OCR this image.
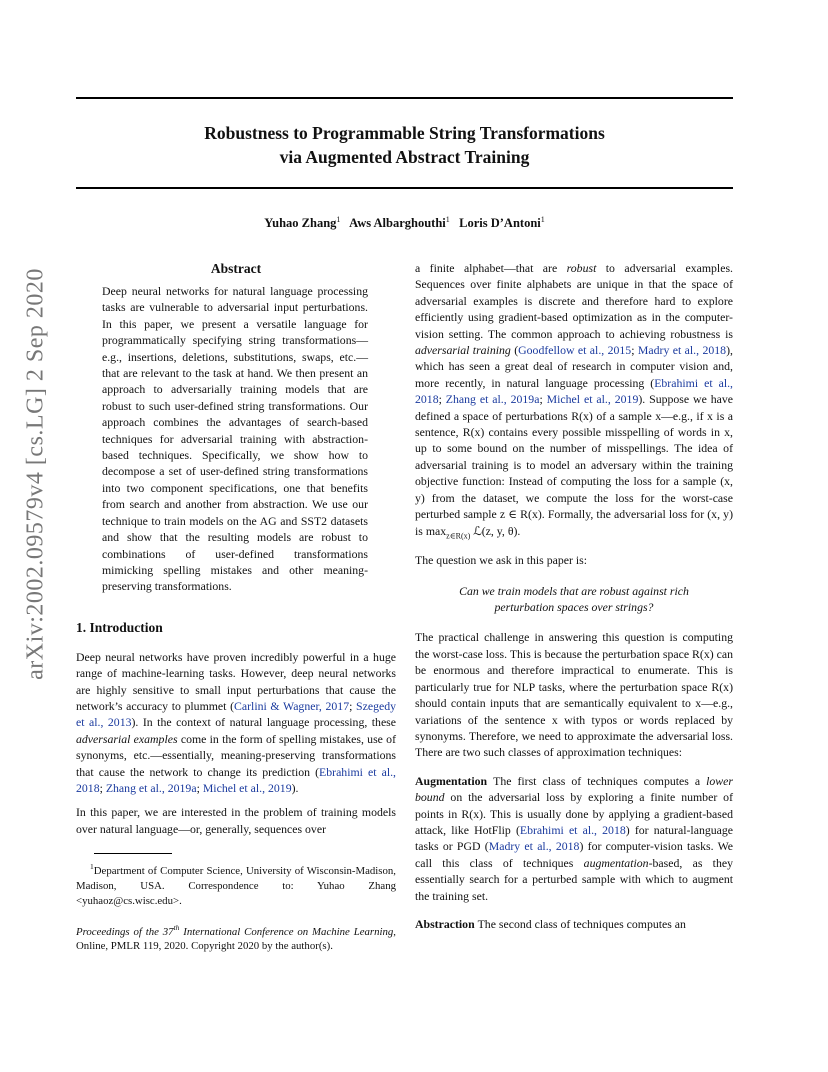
Robustness to Programmable String Transformations
via Augmented Abstract Training
Yuhao Zhang$^1$ Aws Albarghouthi$^1$ Loris D’Antoni$^1$
arXiv:2002.09579v4 [cs.LG] 2 Sep 2020	Abstract

Deep neural networks for natural language processing tasks are vulnerable to adversarial input perturbations. In this paper, we present a versatile language for programmatically specifying string transformations—e.g., insertions, deletions, substitutions, swaps, etc.—that are relevant to the task at hand. We then present an approach to adversarially training models that are robust to such user-defined string transformations. Our approach combines the advantages of search-based techniques for adversarial training with abstraction-based techniques. Specifically, we show how to decompose a set of user-defined string transformations into two component specifications, one that benefits from search and another from abstraction. We use our technique to train models on the AG and SST2 datasets and show that the resulting models are robust to combinations of user-defined transformations mimicking spelling mistakes and other meaning-preserving transformations.

1. Introduction

Deep neural networks have proven incredibly powerful in a huge range of machine-learning tasks. However, deep neural networks are highly sensitive to small input perturbations that cause the network’s accuracy to plummet (Carlini & Wagner, 2017; Szegedy et al., 2013). In the context of natural language processing, these adversarial examples come in the form of spelling mistakes, use of synonyms, etc.—essentially, meaning-preserving transformations that cause the network to change its prediction (Ebrahimi et al., 2018; Zhang et al., 2019a; Michel et al., 2019).

In this paper, we are interested in the problem of training models over natural language—or, generally, sequences over

$^1$Department of Computer Science, University of Wisconsin-Madison, Madison, USA. Correspondence to: Yuhao Zhang <yuhaoz@cs.wisc.edu>.
Proceedings of the 37th International Conference on Machine Learning, Online, PMLR 119, 2020. Copyright 2020 by the author(s).

a finite alphabet—that are robust to adversarial examples. Sequences over finite alphabets are unique in that the space of adversarial examples is discrete and therefore hard to explore efficiently using gradient-based optimization as in the computer-vision setting. The common approach to achieving robustness is adversarial training (Goodfellow et al., 2015; Madry et al., 2018), which has seen a great deal of research in computer vision and, more recently, in natural language processing (Ebrahimi et al., 2018; Zhang et al., 2019a; Michel et al., 2019). Suppose we have defined a space of perturbations R(x) of a sample x—e.g., if x is a sentence, R(x) contains every possible misspelling of words in x, up to some bound on the number of misspellings. The idea of adversarial training is to model an adversary within the training objective function: Instead of computing the loss for a sample (x, y) from the dataset, we compute the loss for the worst-case perturbed sample z ∈ R(x). Formally, the adversarial loss for (x, y) is $\max_{z\in R(x)}$ ℒ(z, y, θ).

The question we ask in this paper is:

Can we train models that are robust against rich perturbation spaces over strings?

The practical challenge in answering this question is computing the worst-case loss. This is because the perturbation space R(x) can be enormous and therefore impractical to enumerate. This is particularly true for NLP tasks, where the perturbation space R(x) should contain inputs that are semantically equivalent to x—e.g., variations of the sentence x with typos or words replaced by synonyms. Therefore, we need to approximate the adversarial loss. There are two such classes of approximation techniques:

Augmentation The first class of techniques computes a lower bound on the adversarial loss by exploring a finite number of points in R(x). This is usually done by applying a gradient-based attack, like HotFlip (Ebrahimi et al., 2018) for natural-language tasks or PGD (Madry et al., 2018) for computer-vision tasks. We call this class of techniques augmentation-based, as they essentially search for a perturbed sample with which to augment the training set.

Abstraction The second class of techniques computes an
